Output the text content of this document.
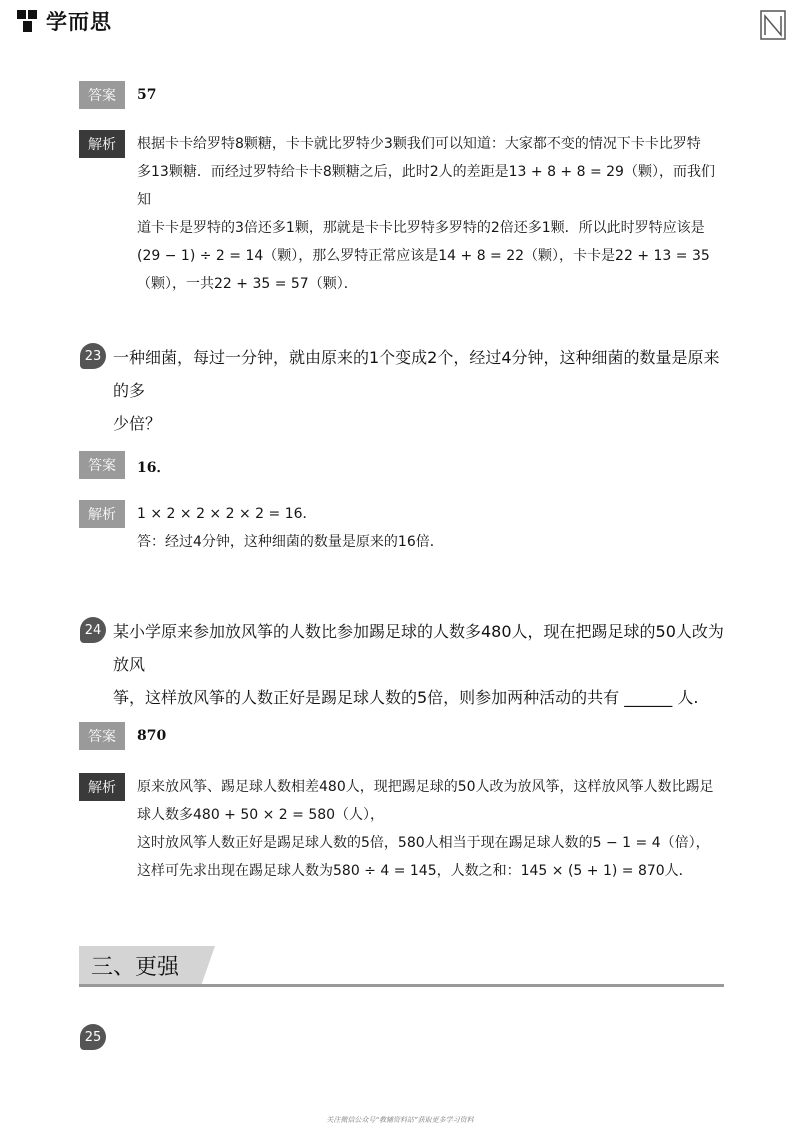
学而思
答案	57
解析	根据卡卡给罗特8颗糖，卡卡就比罗特少3颗我们可以知道：大家都不变的情况下卡卡比罗特
多13颗糖．而经过罗特给卡卡8颗糖之后，此时2人的差距是13 + 8 + 8 = 29（颗），而我们知
道卡卡是罗特的3倍还多1颗，那就是卡卡比罗特多罗特的2倍还多1颗．所以此时罗特应该是
(29 − 1) ÷ 2 = 14（颗），那么罗特正常应该是14 + 8 = 22（颗），卡卡是22 + 13 = 35
（颗），一共22 + 35 = 57（颗）．
23 一种细菌，每过一分钟，就由原来的1个变成2个，经过4分钟，这种细菌的数量是原来的多
少倍？
答案	16．
解析	1 × 2 × 2 × 2 × 2 = 16．
答：经过4分钟，这种细菌的数量是原来的16倍．
24 某小学原来参加放风筝的人数比参加踢足球的人数多480人，现在把踢足球的50人改为放风
筝，这样放风筝的人数正好是踢足球人数的5倍，则参加两种活动的共有 ______ 人.
答案	870
解析	原来放风筝、踢足球人数相差480人，现把踢足球的50人改为放风筝，这样放风筝人数比踢足
球人数多480 + 50 × 2 = 580（人），
这时放风筝人数正好是踢足球人数的5倍，580人相当于现在踢足球人数的5 − 1 = 4（倍），
这样可先求出现在踢足球人数为580 ÷ 4 = 145，人数之和：145 × (5 + 1) = 870人．
三、更强
25
关注微信公众号“教辅资料站”获取更多学习资料
